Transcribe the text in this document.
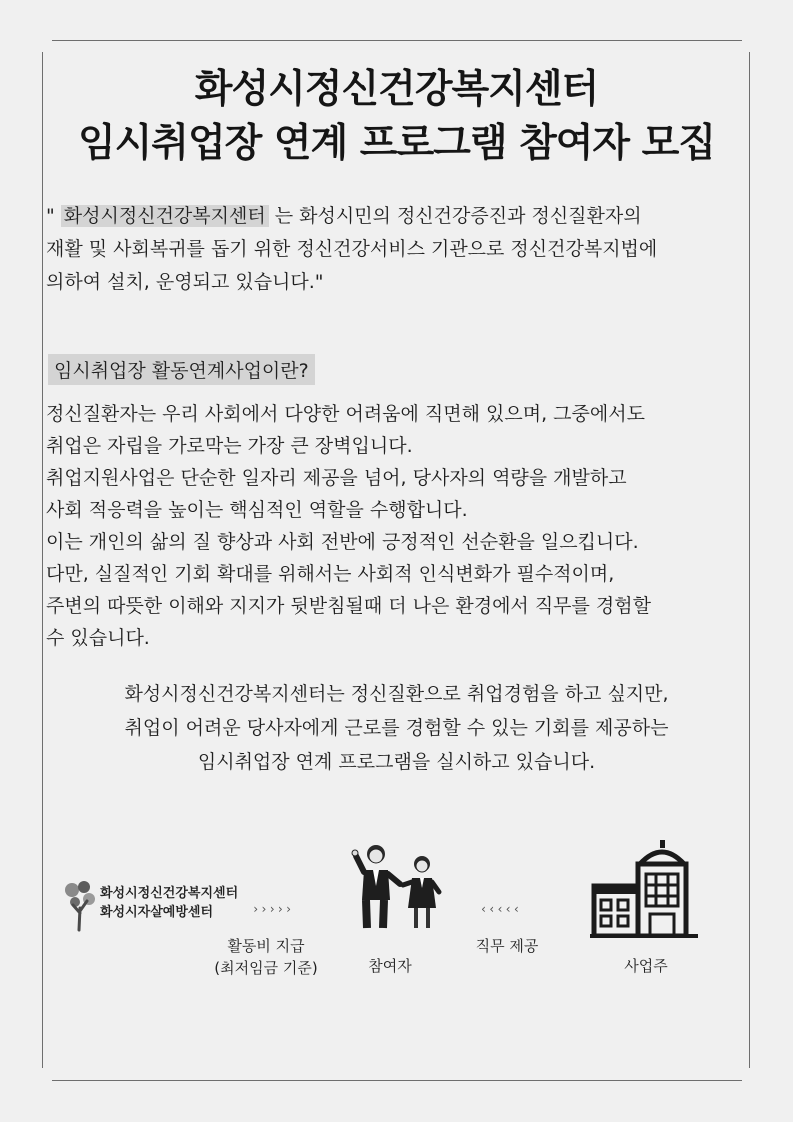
화성시정신건강복지센터
임시취업장 연계 프로그램 참여자 모집
" 화성시정신건강복지센터 는 화성시민의 정신건강증진과 정신질환자의
재활 및 사회복귀를 돕기 위한 정신건강서비스 기관으로 정신건강복지법에
의하여 설치, 운영되고 있습니다."
임시취업장 활동연계사업이란?
정신질환자는 우리 사회에서 다양한 어려움에 직면해 있으며, 그중에서도
취업은 자립을 가로막는 가장 큰 장벽입니다.
취업지원사업은 단순한 일자리 제공을 넘어, 당사자의 역량을 개발하고
사회 적응력을 높이는 핵심적인 역할을 수행합니다.
이는 개인의 삶의 질 향상과 사회 전반에 긍정적인 선순환을 일으킵니다.
다만, 실질적인 기회 확대를 위해서는 사회적 인식변화가 필수적이며,
주변의 따뜻한 이해와 지지가 뒷받침될때 더 나은 환경에서 직무를 경험할
수 있습니다.
화성시정신건강복지센터는 정신질환으로 취업경험을 하고 싶지만,
취업이 어려운 당사자에게 근로를 경험할 수 있는 기회를 제공하는
임시취업장 연계 프로그램을 실시하고 있습니다.
화성시정신건강복지센터
화성시자살예방센터	›››››	‹‹‹‹‹
활동비 지급
(최저임금 기준)	참여자
직무 제공
사업주
